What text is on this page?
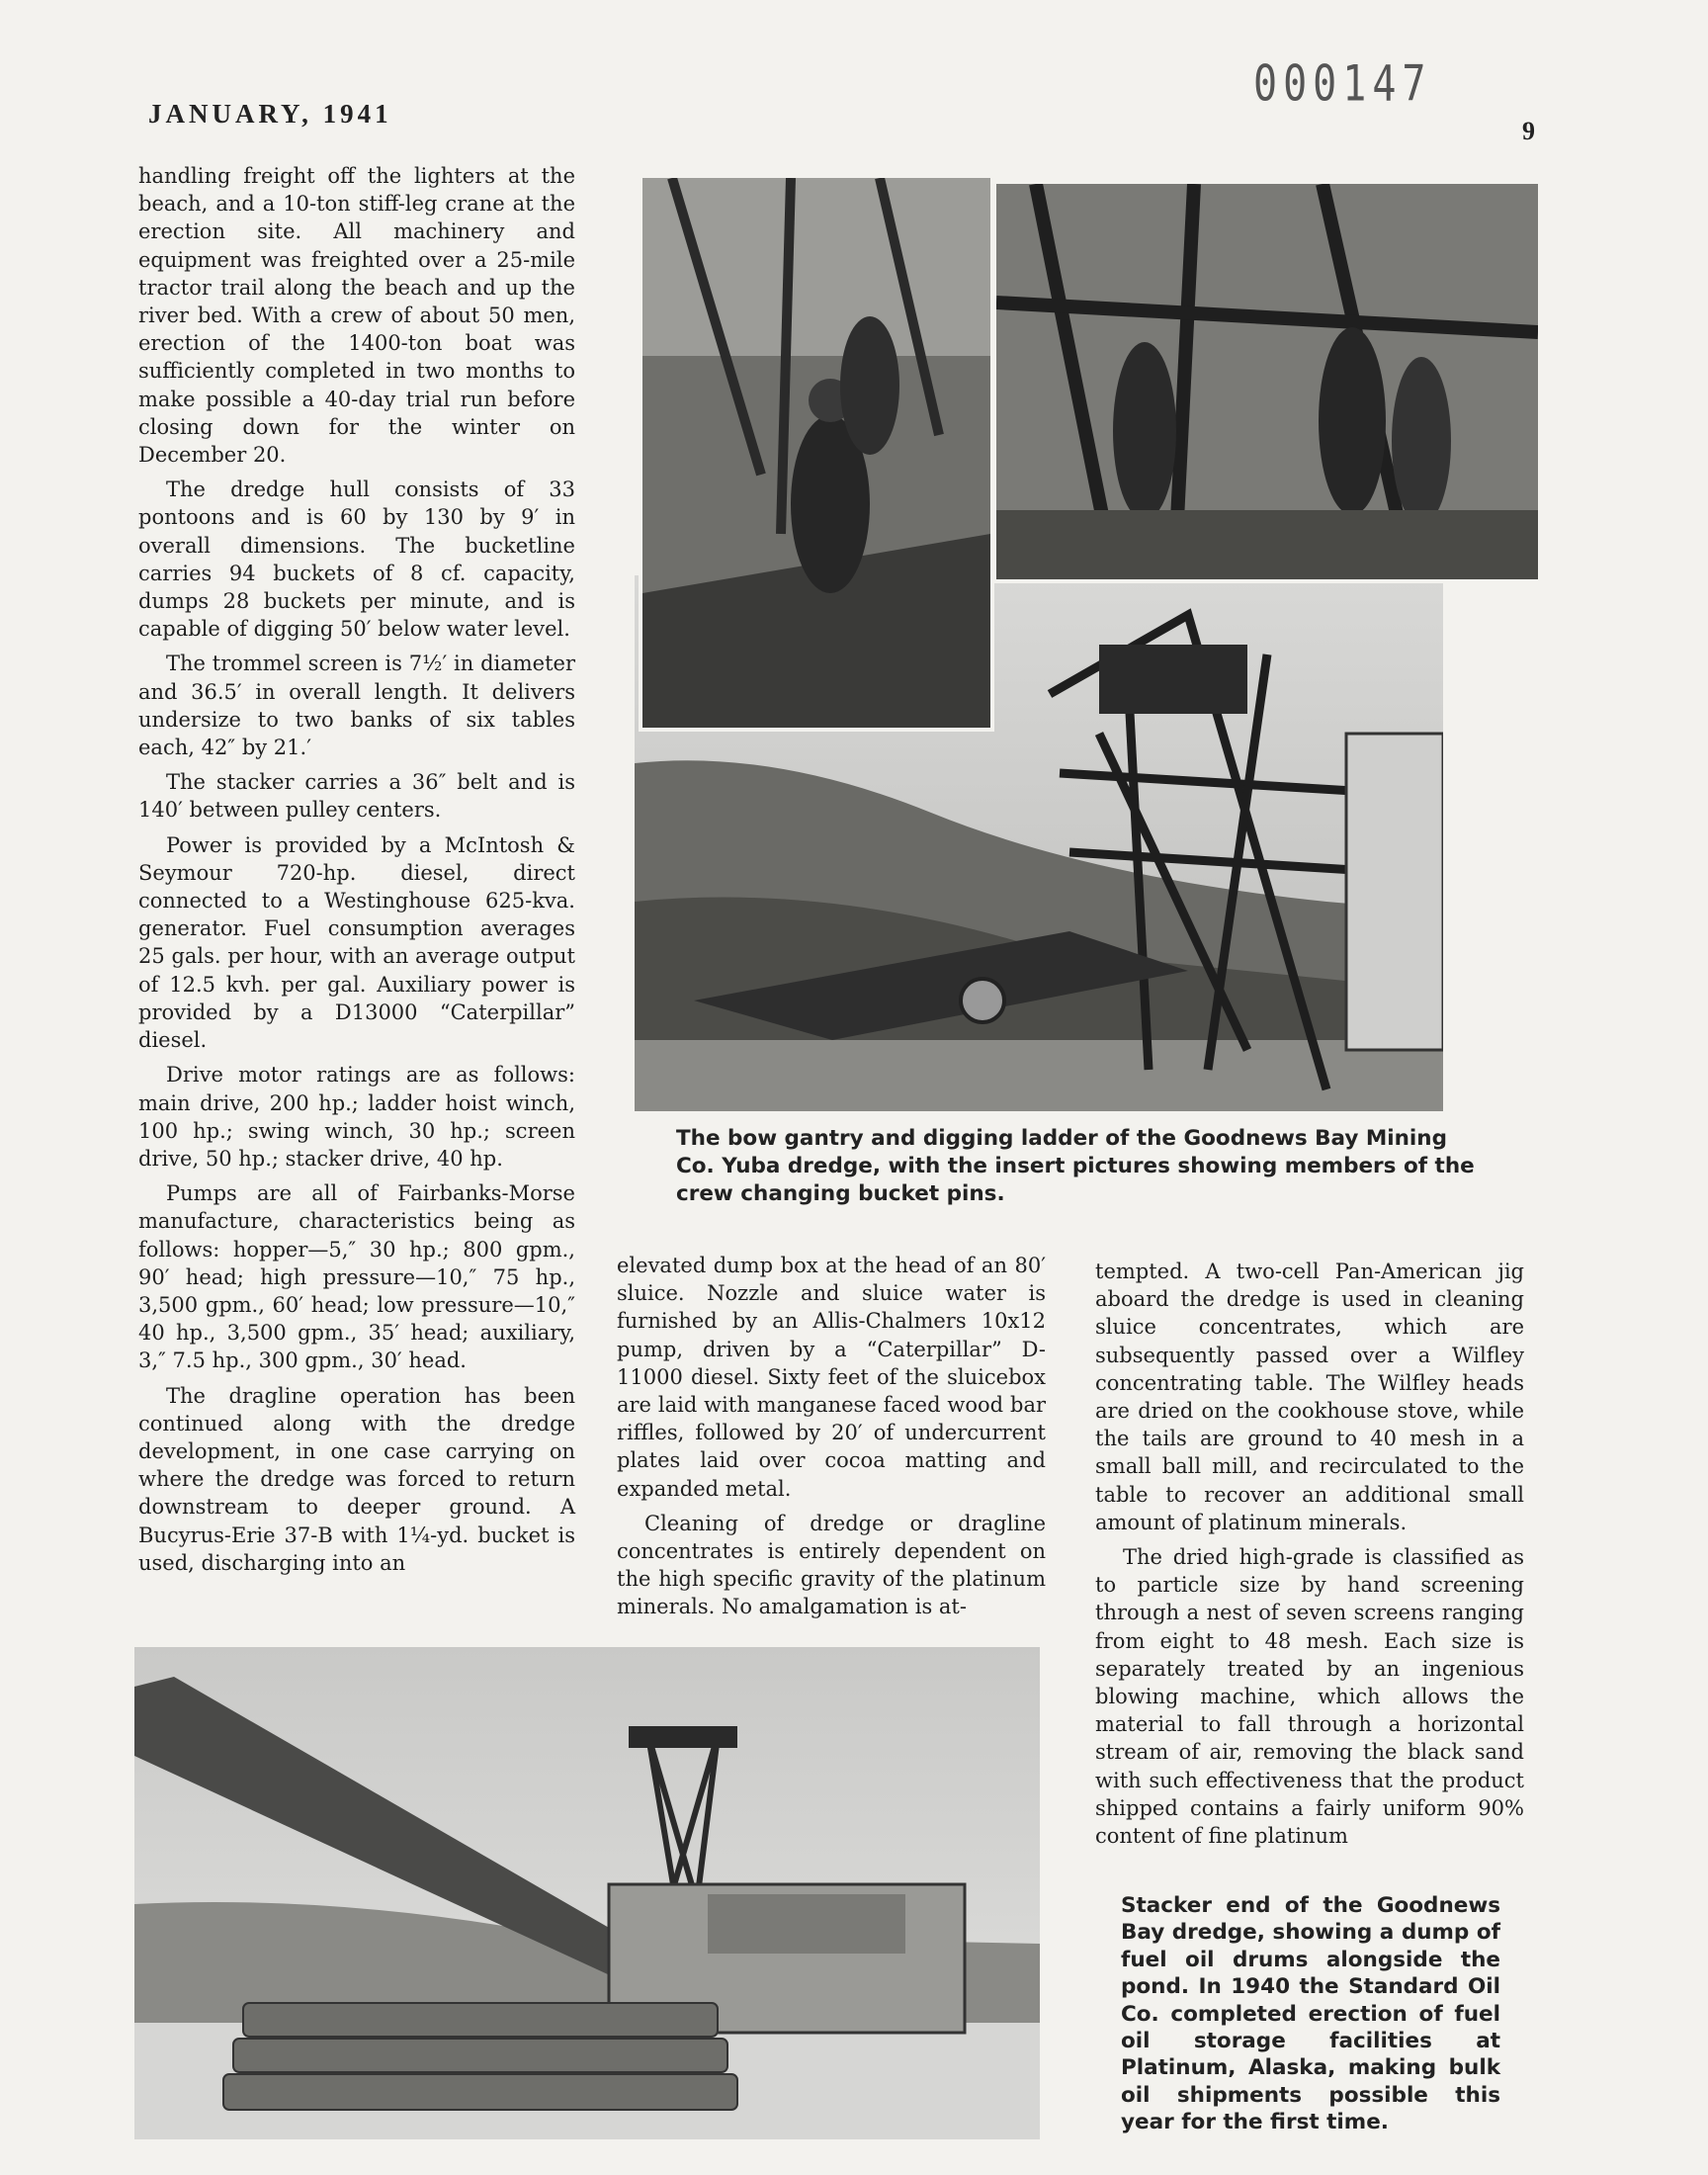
JANUARY, 1941
000147
9

handling freight off the lighters at the beach, and a 10-ton stiff-leg crane at the erection site. All machinery and equipment was freighted over a 25-mile tractor trail along the beach and up the river bed. With a crew of about 50 men, erection of the 1400-ton boat was sufficiently completed in two months to make possible a 40-day trial run before closing down for the winter on December 20.

The dredge hull consists of 33 pontoons and is 60 by 130 by 9′ in overall dimensions. The bucketline carries 94 buckets of 8 cf. capacity, dumps 28 buckets per minute, and is capable of digging 50′ below water level.

The trommel screen is 7½′ in diameter and 36.5′ in overall length. It delivers undersize to two banks of six tables each, 42″ by 21.′

The stacker carries a 36″ belt and is 140′ between pulley centers.

Power is provided by a McIntosh & Seymour 720-hp. diesel, direct connected to a Westinghouse 625-kva. generator. Fuel consumption averages 25 gals. per hour, with an average output of 12.5 kvh. per gal. Auxiliary power is provided by a D13000 “Caterpillar” diesel.

Drive motor ratings are as follows: main drive, 200 hp.; ladder hoist winch, 100 hp.; swing winch, 30 hp.; screen drive, 50 hp.; stacker drive, 40 hp.

Pumps are all of Fairbanks-Morse manufacture, characteristics being as follows: hopper—5,″ 30 hp.; 800 gpm., 90′ head; high pressure—10,″ 75 hp., 3,500 gpm., 60′ head; low pressure—10,″ 40 hp., 3,500 gpm., 35′ head; auxiliary, 3,″ 7.5 hp., 300 gpm., 30′ head.

The dragline operation has been continued along with the dredge development, in one case carrying on where the dredge was forced to return downstream to deeper ground. A Bucyrus-Erie 37-B with 1¼-yd. bucket is used, discharging into an

The bow gantry and digging ladder of the Goodnews Bay Mining Co. Yuba dredge, with the insert pictures showing members of the crew changing bucket pins.

elevated dump box at the head of an 80′ sluice. Nozzle and sluice water is furnished by an Allis-Chalmers 10x12 pump, driven by a “Caterpillar” D-11000 diesel. Sixty feet of the sluicebox are laid with manganese faced wood bar riffles, followed by 20′ of undercurrent plates laid over cocoa matting and expanded metal.

Cleaning of dredge or dragline concentrates is entirely dependent on the high specific gravity of the platinum minerals. No amalgamation is at-

tempted. A two-cell Pan-American jig aboard the dredge is used in cleaning sluice concentrates, which are subsequently passed over a Wilfley concentrating table. The Wilfley heads are dried on the cookhouse stove, while the tails are ground to 40 mesh in a small ball mill, and recirculated to the table to recover an additional small amount of platinum minerals.

The dried high-grade is classified as to particle size by hand screening through a nest of seven screens ranging from eight to 48 mesh. Each size is separately treated by an ingenious blowing machine, which allows the material to fall through a horizontal stream of air, removing the black sand with such effectiveness that the product shipped contains a fairly uniform 90% content of fine platinum

Stacker end of the Goodnews Bay dredge, showing a dump of fuel oil drums alongside the pond. In 1940 the Standard Oil Co. completed erection of fuel oil storage facilities at Platinum, Alaska, making bulk oil shipments possible this year for the first time.
